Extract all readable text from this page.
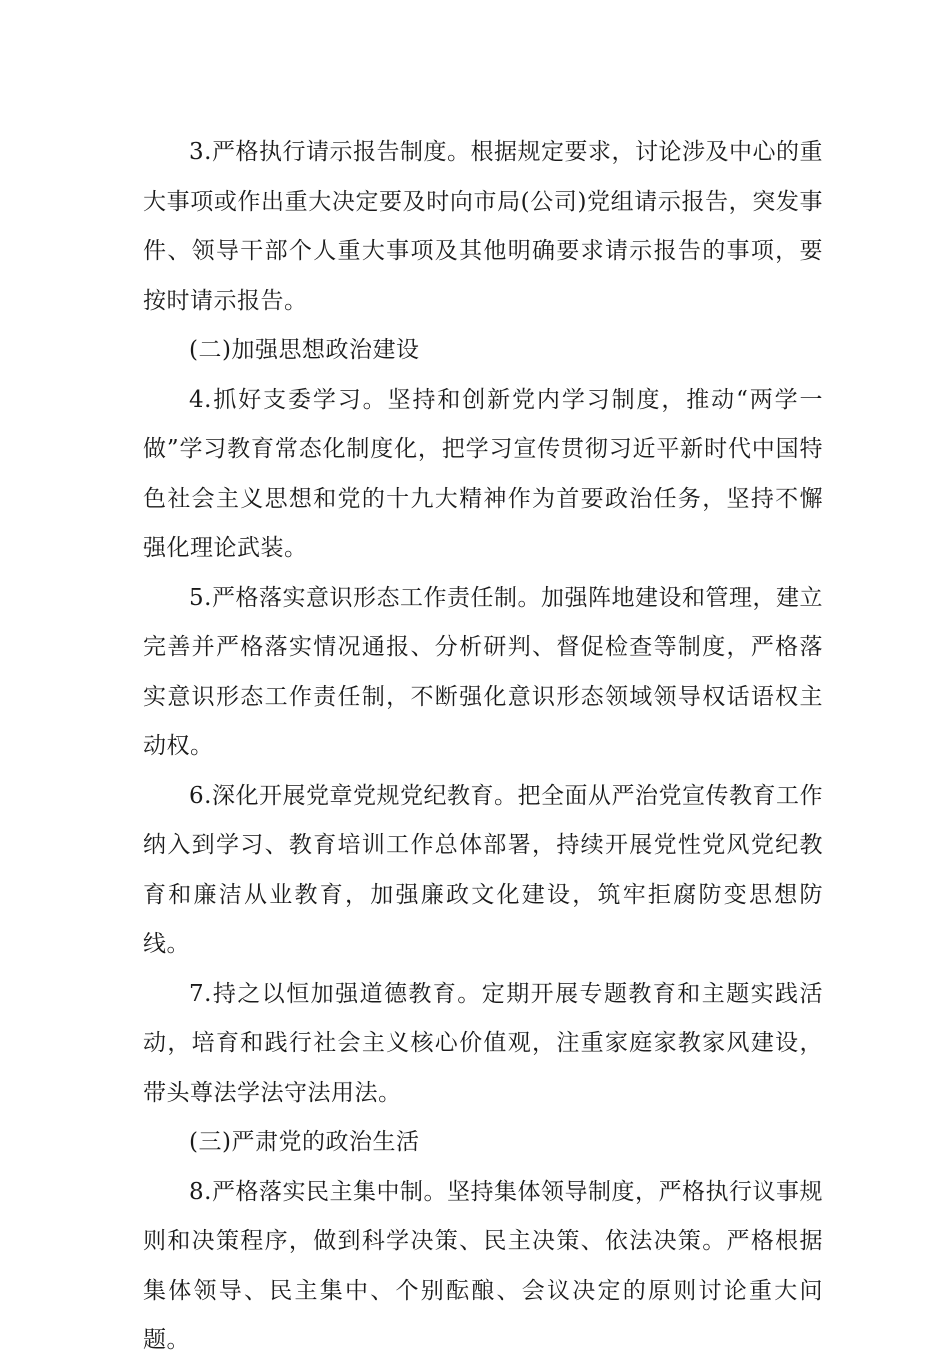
3.严格执行请示报告制度。根据规定要求，讨论涉及中心的重大事项或作出重大决定要及时向市局(公司)党组请示报告，突发事件、领导干部个人重大事项及其他明确要求请示报告的事项，要按时请示报告。

(二)加强思想政治建设

4.抓好支委学习。坚持和创新党内学习制度，推动“两学一做”学习教育常态化制度化，把学习宣传贯彻习近平新时代中国特色社会主义思想和党的十九大精神作为首要政治任务，坚持不懈强化理论武装。

5.严格落实意识形态工作责任制。加强阵地建设和管理，建立完善并严格落实情况通报、分析研判、督促检查等制度，严格落实意识形态工作责任制，不断强化意识形态领域领导权话语权主动权。

6.深化开展党章党规党纪教育。把全面从严治党宣传教育工作纳入到学习、教育培训工作总体部署，持续开展党性党风党纪教育和廉洁从业教育，加强廉政文化建设，筑牢拒腐防变思想防线。

7.持之以恒加强道德教育。定期开展专题教育和主题实践活动，培育和践行社会主义核心价值观，注重家庭家教家风建设，带头尊法学法守法用法。

(三)严肃党的政治生活

8.严格落实民主集中制。坚持集体领导制度，严格执行议事规则和决策程序，做到科学决策、民主决策、依法决策。严格根据集体领导、民主集中、个别酝酿、会议决定的原则讨论重大问题。
